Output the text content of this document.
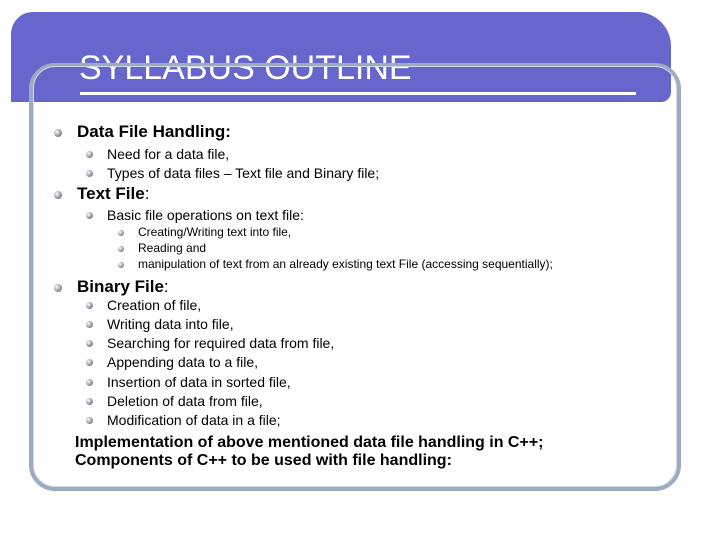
SYLLABUS OUTLINE
Data File Handling:
Need for a data file,
Types of data files – Text file and Binary file;
Text File:
Basic file operations on text file:
Creating/Writing text into file,
Reading and
manipulation of text from an already existing text File (accessing sequentially);
Binary File:
Creation of file,
Writing data into file,
Searching for required data from file,
Appending data to a file,
Insertion of data in sorted file,
Deletion of data from file,
Modification of data in a file;
Implementation of above mentioned data file handling in C++;
Components of C++ to be used with file handling:
